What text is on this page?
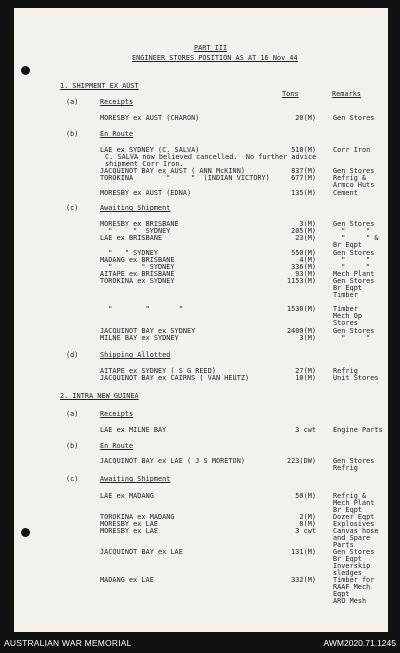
PART III
ENGINEER STORES POSITION AS AT 16 Nov 44
Tons	Remarks
1. SHIPMENT EX AUST
(a)	Receipts
MORESBY ex AUST (CHARON)	20(M)	Gen Stores
(b)	En Route
LAE ex SYDNEY (C. SALVA)	510(M)	Corr Iron
C. SALVA now believed cancelled.  No further advice
shipment Corr Iron.
JACQUINOT BAY ex AUST ( ANN McKINN)	837(M)	Gen Stores
TOROKINA        "     "  (INDIAN VICTORY)	677(M)	Refrig &
Armco Huts
MORESBY ex AUST (EDNA)	135(M)	Cement
(c)	Awaiting Shipment
MORESBY ex BRISBANE	3(M)	Gen Stores
"     "  SYDNEY	205(M)	"     "
LAE ex BRISBANE	23(M)	"     " &
Br Eqpt
"   " SYDNEY	550(M)	Gen Stores
MADANG ex BRISBANE	4(M)	"     "
"       " SYDNEY	336(M)	"     "
AITAPE ex BRISBANE	93(M)	Mech Plant
TOROKINA ex SYDNEY	1153(M)	Gen Stores
Br Eqpt
Timber
"        "       "	1530(M)	Timber
Mech Op
Stores
JACQUINOT BAY ex SYDNEY	2400(M)	Gen Stores
MILNE BAY ex SYDNEY	3(M)	"     "
(d)	Shipping Allotted
AITAPE ex SYDNEY ( S G REED)	27(M)	Refrig
JACQUINOT BAY ex CAIRNS ( VAN HEUTZ)	10(M)	Unit Stores
2. INTRA NEW GUINEA
(a)	Receipts
LAE ex MILNE BAY	3 cwt	Engine Parts
(b)	En Route
JACQUINOT BAY ex LAE ( J S MORETON)	223(DW)	Gen Stores
Refrig
(c)	Awaiting Shipment
LAE ex MADANG	50(M)	Refrig &
Mech Plant
Br Eqpt
TOROKINA ex MADANG	2(M)	Dozer Eqpt
MORESBY ex LAE	8(M)	Explosives
MORESBY ex LAE	3 cwt	Canvas hose
and Spare
Parts
JACQUINOT BAY ex LAE	131(M)	Gen Stores
Br Eqpt
Inverskip
sledges
MADANG ex LAE	332(M)	Timber for
RAAF Mech
Eqpt
ARO Mesh
AUSTRALIAN WAR MEMORIAL	AWM2020.71.1245
